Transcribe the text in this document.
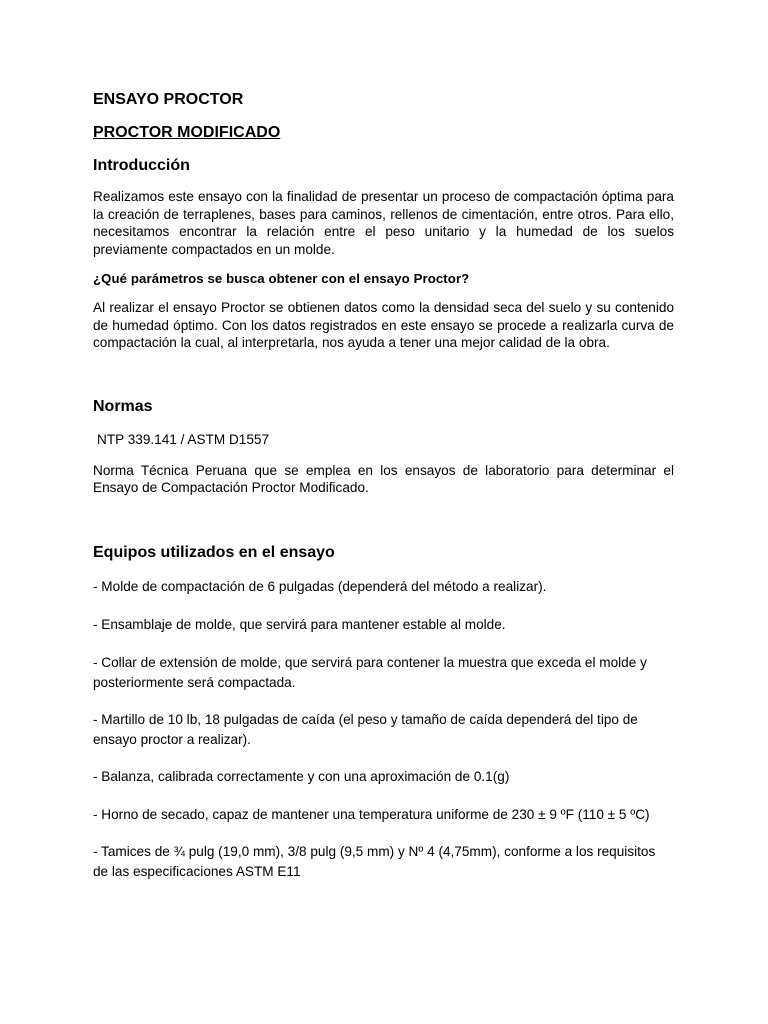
ENSAYO PROCTOR
PROCTOR MODIFICADO
Introducción

Realizamos este ensayo con la finalidad de presentar un proceso de compactación óptima para la creación de terraplenes, bases para caminos, rellenos de cimentación, entre otros. Para ello, necesitamos encontrar la relación entre el peso unitario y la humedad de los suelos previamente compactados en un molde.

¿Qué parámetros se busca obtener con el ensayo Proctor?

Al realizar el ensayo Proctor se obtienen datos como la densidad seca del suelo y su contenido de humedad óptimo. Con los datos registrados en este ensayo se procede a realizarla curva de compactación la cual, al interpretarla, nos ayuda a tener una mejor calidad de la obra.

Normas

NTP 339.141 / ASTM D1557

Norma Técnica Peruana que se emplea en los ensayos de laboratorio para determinar el Ensayo de Compactación Proctor Modificado.

Equipos utilizados en el ensayo

- Molde de compactación de 6 pulgadas (dependerá del método a realizar).

- Ensamblaje de molde, que servirá para mantener estable al molde.

- Collar de extensión de molde, que servirá para contener la muestra que exceda el molde y posteriormente será compactada.

- Martillo de 10 lb, 18 pulgadas de caída (el peso y tamaño de caída dependerá del tipo de ensayo proctor a realizar).

- Balanza, calibrada correctamente y con una aproximación de 0.1(g)

- Horno de secado, capaz de mantener una temperatura uniforme de 230 ± 9 ºF (110 ± 5 ºC)

- Tamices de ¾ pulg (19,0 mm), 3/8 pulg (9,5 mm) y Nº 4 (4,75mm), conforme a los requisitos de las especificaciones ASTM E11
